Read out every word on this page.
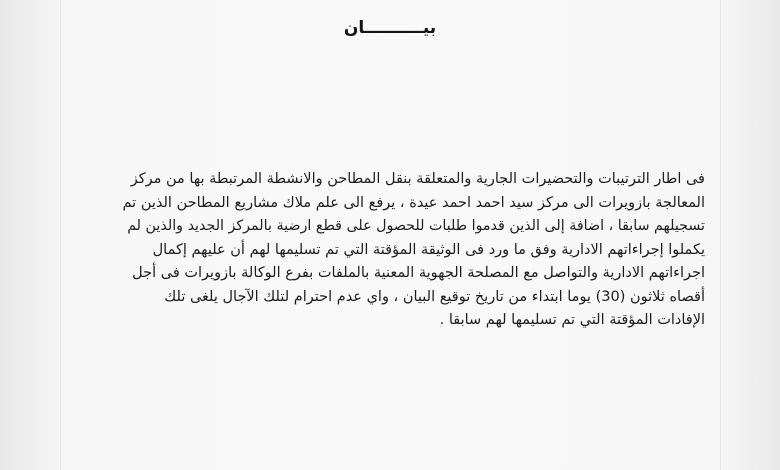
بيــــــــــان
فى اطار الترتيبات والتحضيرات الجارية والمتعلقة بنقل المطاحن والانشطة المرتبطة بها من مركز
المعالجة بازويرات الى مركز سيد احمد احمد عيدة ، يرفع الى علم ملاك مشاريع المطاحن الذين تم
تسجيلهم سابقا ، اضافة إلى الذين قدموا طلبات للحصول على قطع ارضية بالمركز الجديد والذين لم
يكملوا إجراءاتهم الادارية وفق ما ورد فى الوثيقة المؤقتة التي تم تسليمها لهم أن عليهم إكمال
اجراءاتهم الادارية والتواصل مع المصلحة الجهوية المعنية بالملفات بفرع الوكالة بازويرات فى أجل
أقصاه ثلاثون (30) يوما ابتداء من تاريخ توقيع البيان ، واي عدم احترام لتلك الآجال يلغى تلك
الإفادات المؤقتة التي تم تسليمها لهم سابقا .
